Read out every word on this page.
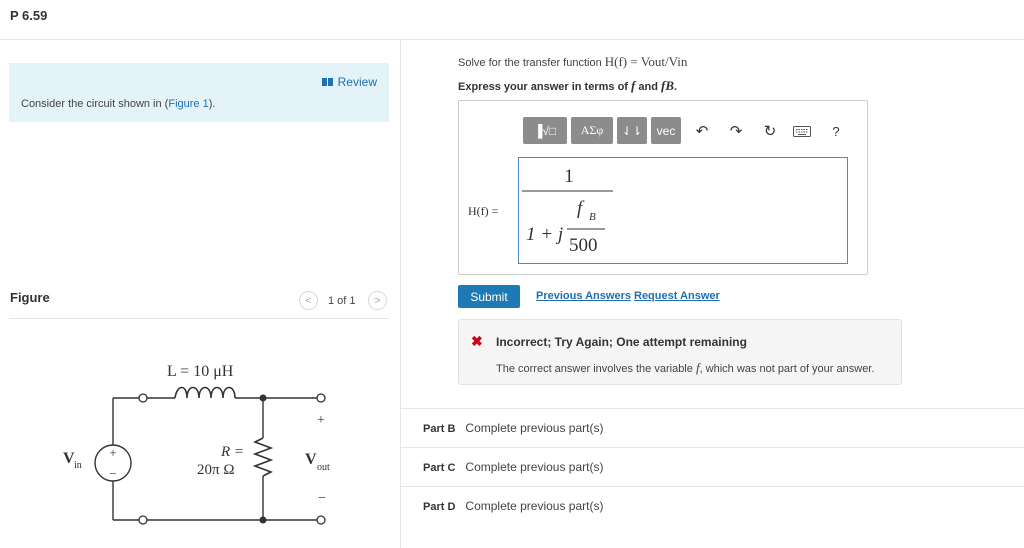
P 6.59
Review
Consider the circuit shown in (Figure 1).
Figure	<	1 of 1	>
+
−
L = 10 μH
R =
20π Ω
V in	V out
+
−
Solve for the transfer function H(f) = Vout/Vin
Express your answer in terms of f and fB.
▐√□	ΑΣφ	⇃⇂	vec	↶	↷	↻	?
H(f) =
1
1 + j
f B
500
Submit	Previous Answers Request Answer
✖ Incorrect; Try Again; One attempt remaining
The correct answer involves the variable f, which was not part of your answer.
Part B Complete previous part(s)
Part C Complete previous part(s)
Part D Complete previous part(s)
